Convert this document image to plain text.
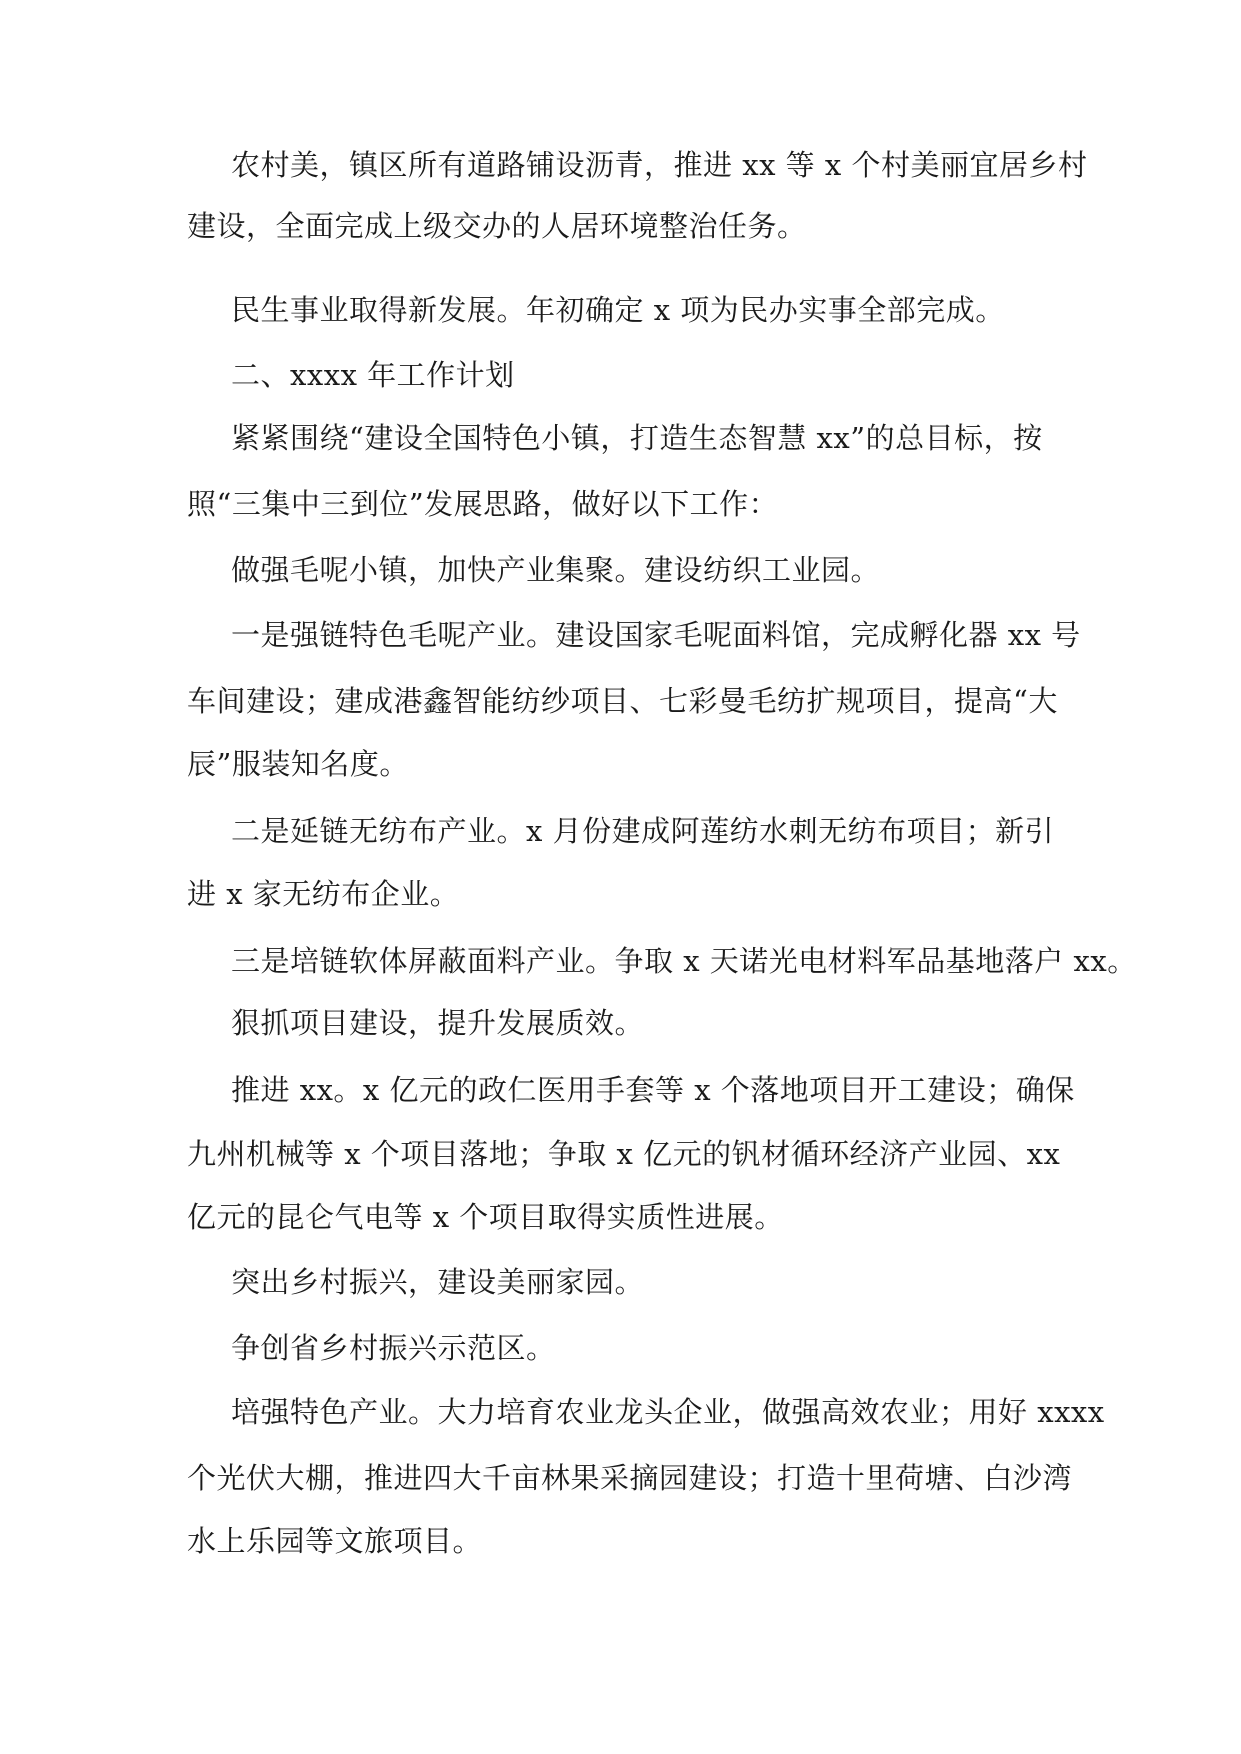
农村美，镇区所有道路铺设沥青，推进 xx 等 x 个村美丽宜居乡村
建设，全面完成上级交办的人居环境整治任务。
民生事业取得新发展。年初确定 x 项为民办实事全部完成。
二、xxxx 年工作计划
紧紧围绕“建设全国特色小镇，打造生态智慧 xx”的总目标，按
照“三集中三到位”发展思路，做好以下工作：
做强毛呢小镇，加快产业集聚。建设纺织工业园。
一是强链特色毛呢产业。建设国家毛呢面料馆，完成孵化器 xx 号
车间建设；建成港鑫智能纺纱项目、七彩曼毛纺扩规项目，提高“大
辰”服装知名度。
二是延链无纺布产业。x 月份建成阿莲纺水刺无纺布项目；新引
进 x 家无纺布企业。
三是培链软体屏蔽面料产业。争取 x 天诺光电材料军品基地落户 xx。
狠抓项目建设，提升发展质效。
推进 xx。x 亿元的政仁医用手套等 x 个落地项目开工建设；确保
九州机械等 x 个项目落地；争取 x 亿元的钒材循环经济产业园、xx
亿元的昆仑气电等 x 个项目取得实质性进展。
突出乡村振兴，建设美丽家园。
争创省乡村振兴示范区。
培强特色产业。大力培育农业龙头企业，做强高效农业；用好 xxxx
个光伏大棚，推进四大千亩林果采摘园建设；打造十里荷塘、白沙湾
水上乐园等文旅项目。
